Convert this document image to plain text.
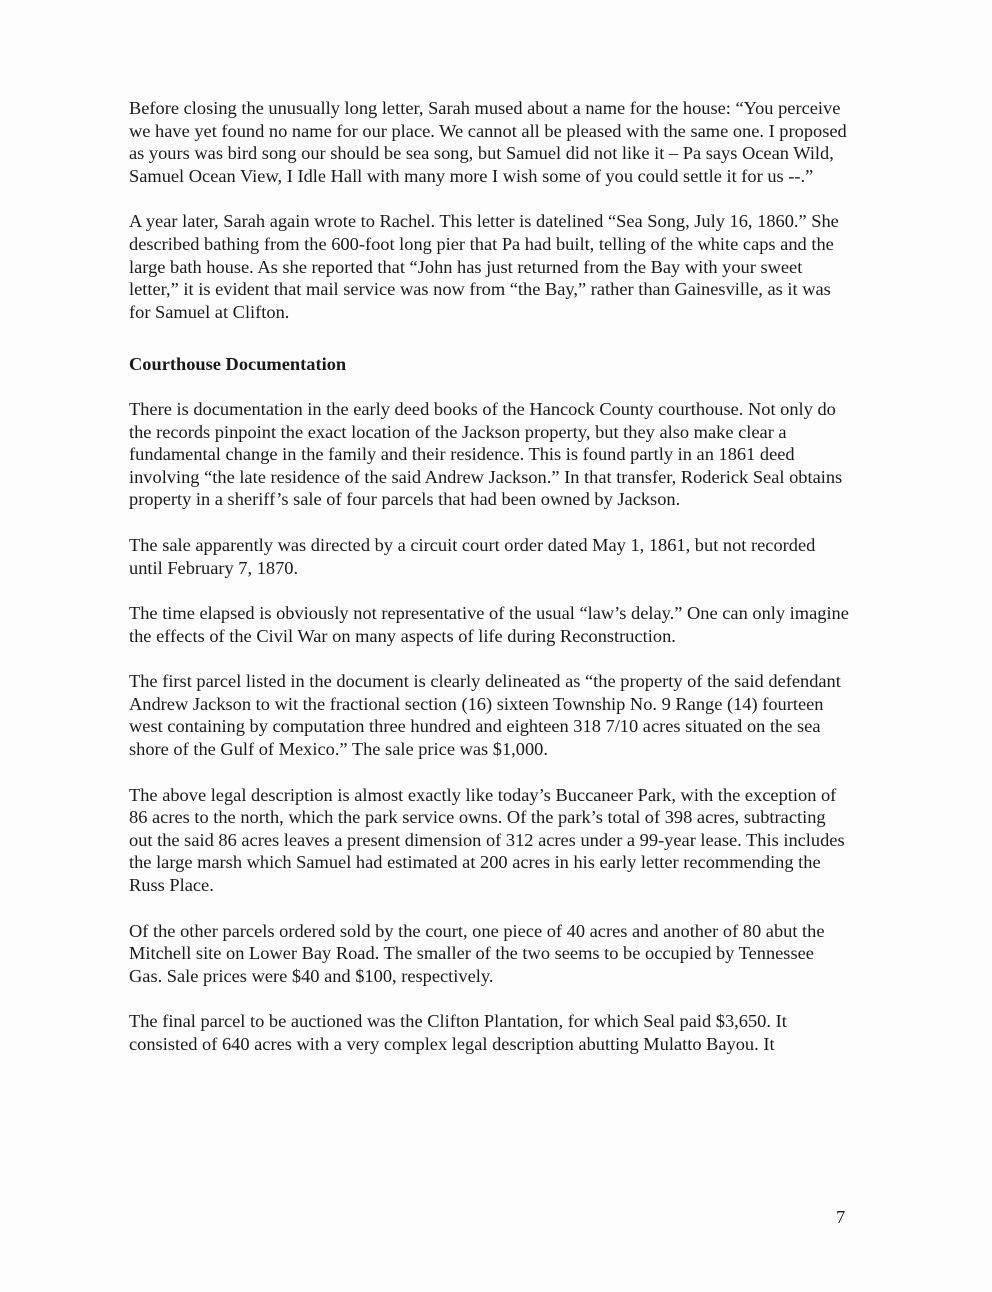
Before closing the unusually long letter, Sarah mused about a name for the house: “You perceive we have yet found no name for our place. We cannot all be pleased with the same one. I proposed as yours was bird song our should be sea song, but Samuel did not like it – Pa says Ocean Wild, Samuel Ocean View, I Idle Hall with many more I wish some of you could settle it for us --.”

A year later, Sarah again wrote to Rachel. This letter is datelined “Sea Song, July 16, 1860.” She described bathing from the 600-foot long pier that Pa had built, telling of the white caps and the large bath house. As she reported that “John has just returned from the Bay with your sweet letter,” it is evident that mail service was now from “the Bay,” rather than Gainesville, as it was for Samuel at Clifton.

Courthouse Documentation

There is documentation in the early deed books of the Hancock County courthouse. Not only do the records pinpoint the exact location of the Jackson property, but they also make clear a fundamental change in the family and their residence. This is found partly in an 1861 deed involving “the late residence of the said Andrew Jackson.” In that transfer, Roderick Seal obtains property in a sheriff’s sale of four parcels that had been owned by Jackson.

The sale apparently was directed by a circuit court order dated May 1, 1861, but not recorded until February 7, 1870.

The time elapsed is obviously not representative of the usual “law’s delay.” One can only imagine the effects of the Civil War on many aspects of life during Reconstruction.

The first parcel listed in the document is clearly delineated as “the property of the said defendant Andrew Jackson to wit the fractional section (16) sixteen Township No. 9 Range (14) fourteen west containing by computation three hundred and eighteen 318 7/10 acres situated on the sea shore of the Gulf of Mexico.” The sale price was $1,000.

The above legal description is almost exactly like today’s Buccaneer Park, with the exception of 86 acres to the north, which the park service owns. Of the park’s total of 398 acres, subtracting out the said 86 acres leaves a present dimension of 312 acres under a 99-year lease. This includes the large marsh which Samuel had estimated at 200 acres in his early letter recommending the Russ Place.

Of the other parcels ordered sold by the court, one piece of 40 acres and another of 80 abut the Mitchell site on Lower Bay Road. The smaller of the two seems to be occupied by Tennessee Gas. Sale prices were $40 and $100, respectively.

The final parcel to be auctioned was the Clifton Plantation, for which Seal paid $3,650. It consisted of 640 acres with a very complex legal description abutting Mulatto Bayou. It

7
